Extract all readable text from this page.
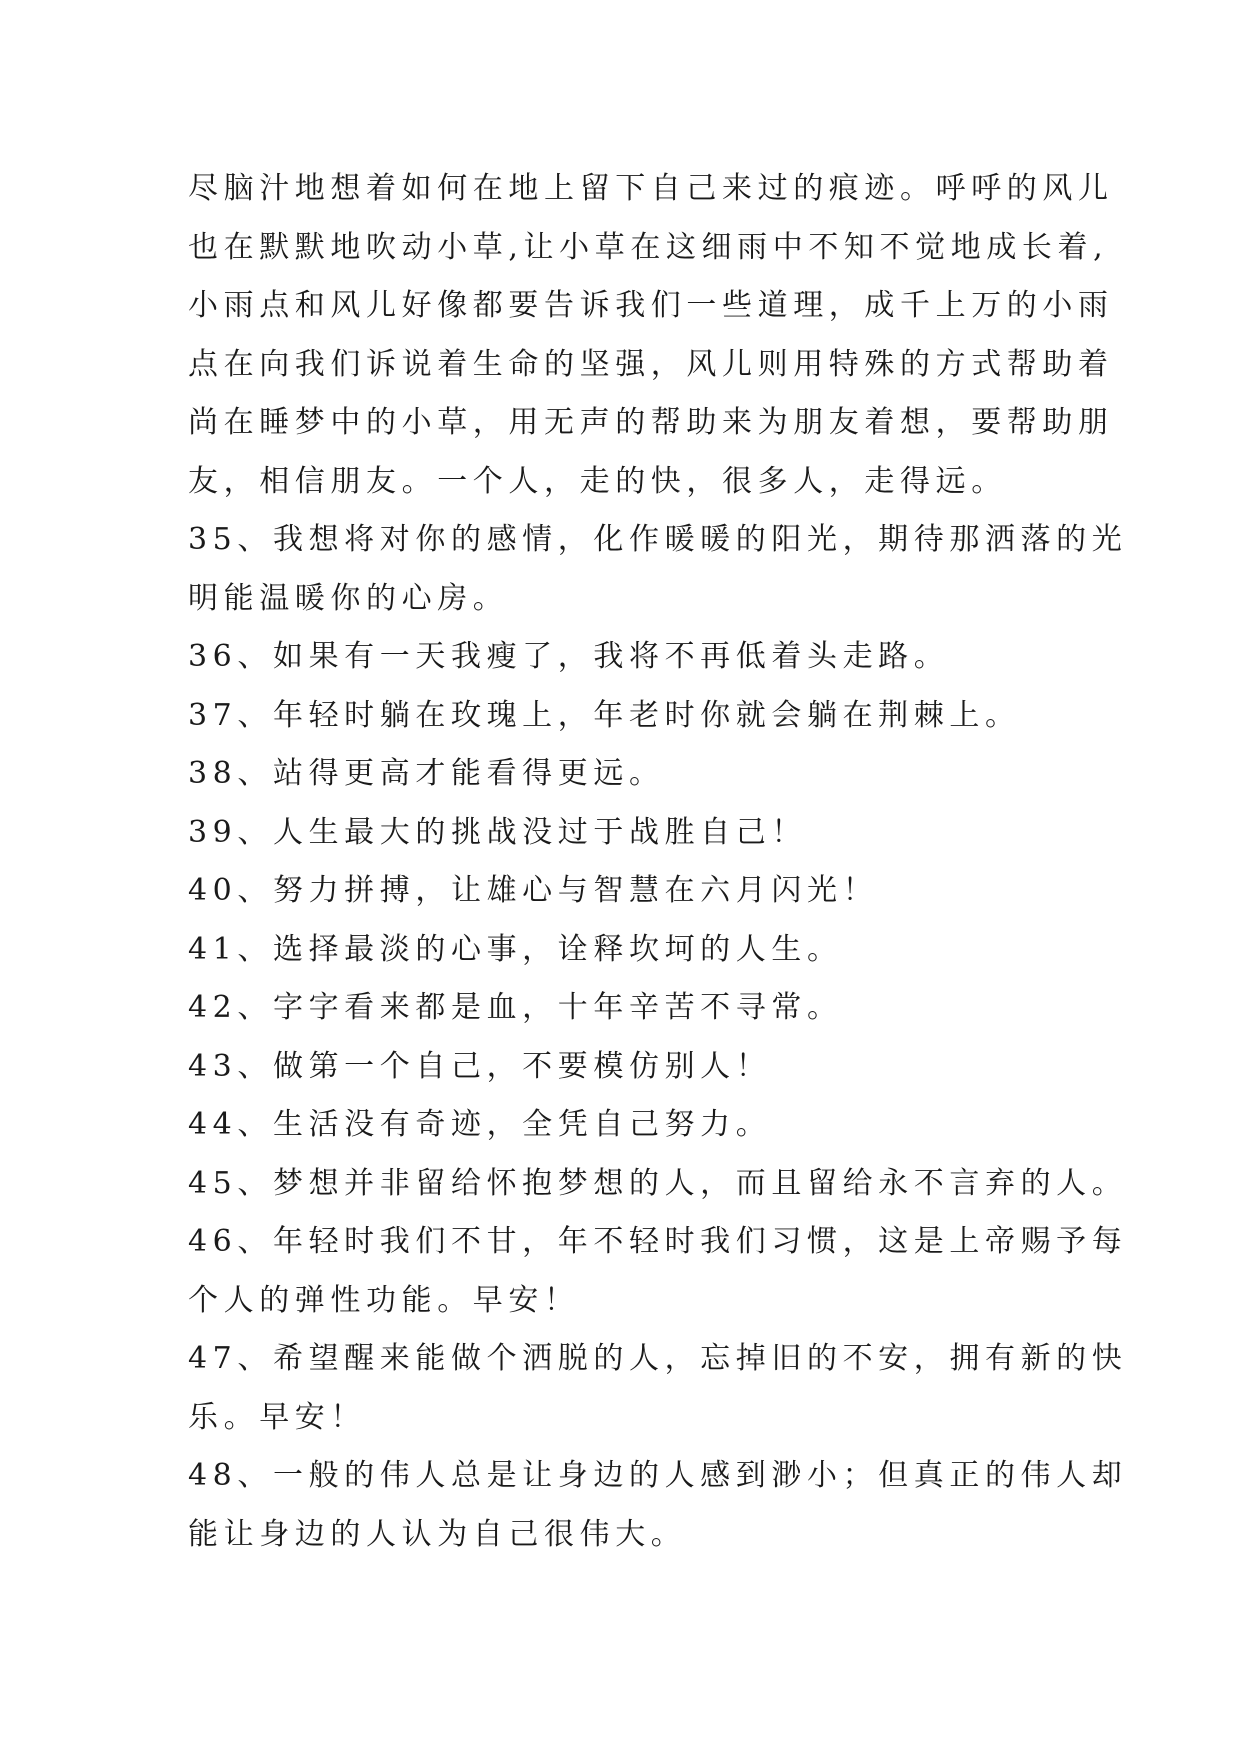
尽脑汁地想着如何在地上留下自己来过的痕迹。呼呼的风儿
也在默默地吹动小草,让小草在这细雨中不知不觉地成长着,
小雨点和风儿好像都要告诉我们一些道理，成千上万的小雨
点在向我们诉说着生命的坚强，风儿则用特殊的方式帮助着
尚在睡梦中的小草，用无声的帮助来为朋友着想，要帮助朋
友，相信朋友。一个人，走的快，很多人，走得远。
35、我想将对你的感情，化作暖暖的阳光，期待那洒落的光
明能温暖你的心房。
36、如果有一天我瘦了，我将不再低着头走路。
37、年轻时躺在玫瑰上，年老时你就会躺在荆棘上。
38、站得更高才能看得更远。
39、人生最大的挑战没过于战胜自己！
40、努力拼搏，让雄心与智慧在六月闪光！
41、选择最淡的心事，诠释坎坷的人生。
42、字字看来都是血，十年辛苦不寻常。
43、做第一个自己，不要模仿别人！
44、生活没有奇迹，全凭自己努力。
45、梦想并非留给怀抱梦想的人，而且留给永不言弃的人。
46、年轻时我们不甘，年不轻时我们习惯，这是上帝赐予每
个人的弹性功能。早安！
47、希望醒来能做个洒脱的人，忘掉旧的不安，拥有新的快
乐。早安！
48、一般的伟人总是让身边的人感到渺小；但真正的伟人却
能让身边的人认为自己很伟大。
